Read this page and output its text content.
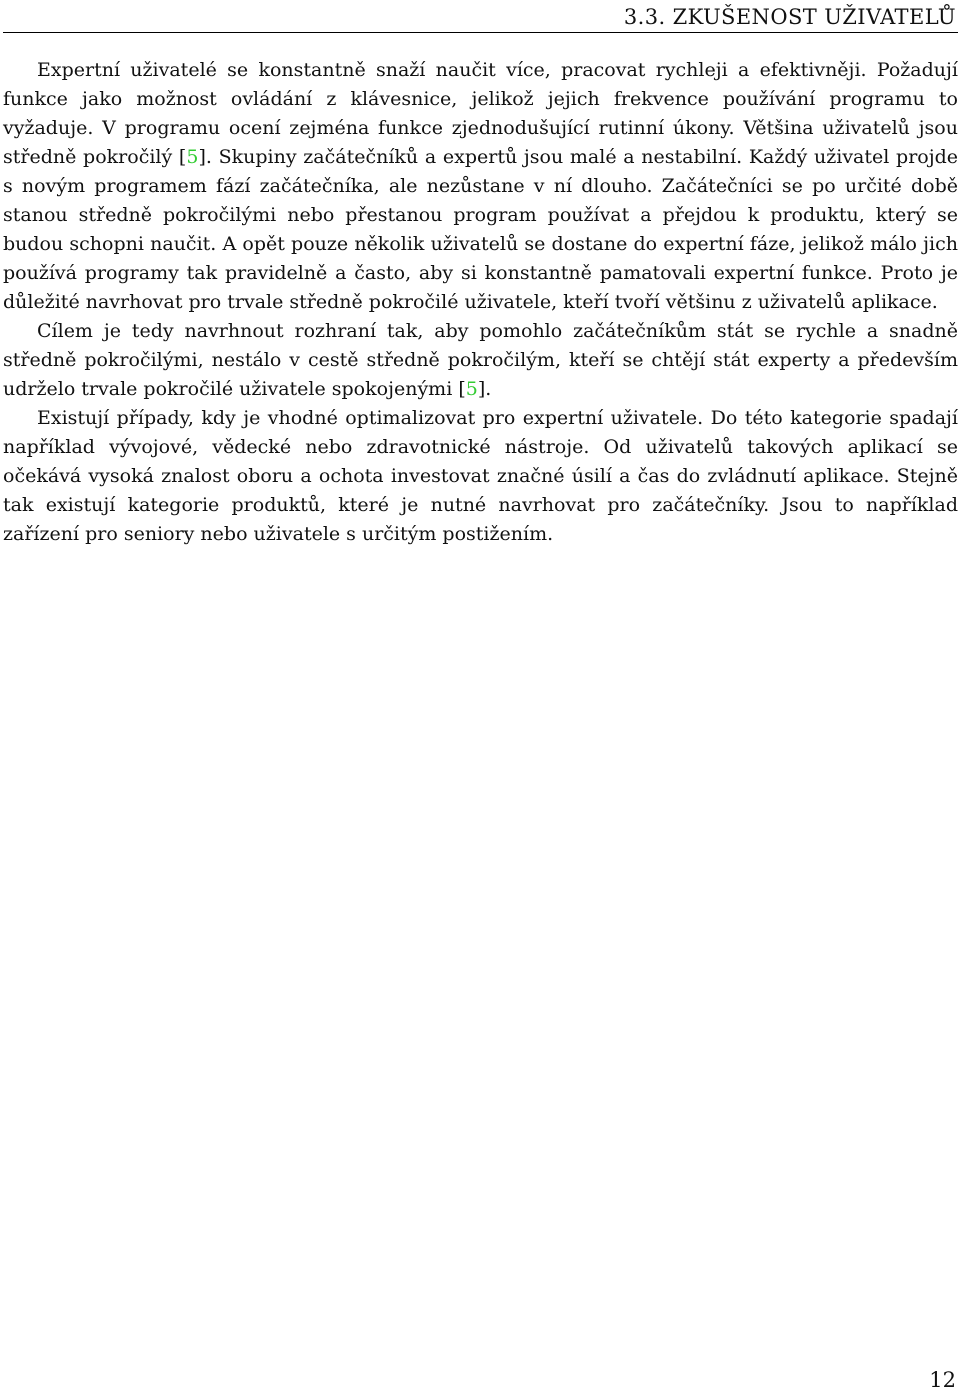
3.3. ZKUŠENOST UŽIVATELŮ

Expertní uživatelé se konstantně snaží naučit více, pracovat rychleji a efektivněji. Požadují funkce jako možnost ovládání z klávesnice, jelikož jejich frekvence používání programu to vyžaduje. V programu ocení zejména funkce zjednodušující rutinní úkony. Většina uživatelů jsou středně pokročilý [5]. Skupiny začátečníků a expertů jsou malé a nestabilní. Každý uživatel projde s novým programem fází začátečníka, ale nezůstane v ní dlouho. Začátečníci se po určité době stanou středně pokročilými nebo přestanou program používat a přejdou k produktu, který se budou schopni naučit. A opět pouze několik uživatelů se dostane do expertní fáze, jelikož málo jich používá programy tak pravidelně a často, aby si konstantně pamatovali expertní funkce. Proto je důležité navrhovat pro trvale středně pokročilé uživatele, kteří tvoří většinu z uživatelů aplikace.

Cílem je tedy navrhnout rozhraní tak, aby pomohlo začátečníkům stát se rychle a snadně středně pokročilými, nestálo v cestě středně pokročilým, kteří se chtějí stát experty a především udrželo trvale pokročilé uživatele spokojenými [5].

Existují případy, kdy je vhodné optimalizovat pro expertní uživatele. Do této kategorie spadají například vývojové, vědecké nebo zdravotnické nástroje. Od uživatelů takových aplikací se očekává vysoká znalost oboru a ochota investovat značné úsilí a čas do zvládnutí aplikace. Stejně tak existují kategorie produktů, které je nutné navrhovat pro začátečníky. Jsou to například zařízení pro seniory nebo uživatele s určitým postižením.

12
